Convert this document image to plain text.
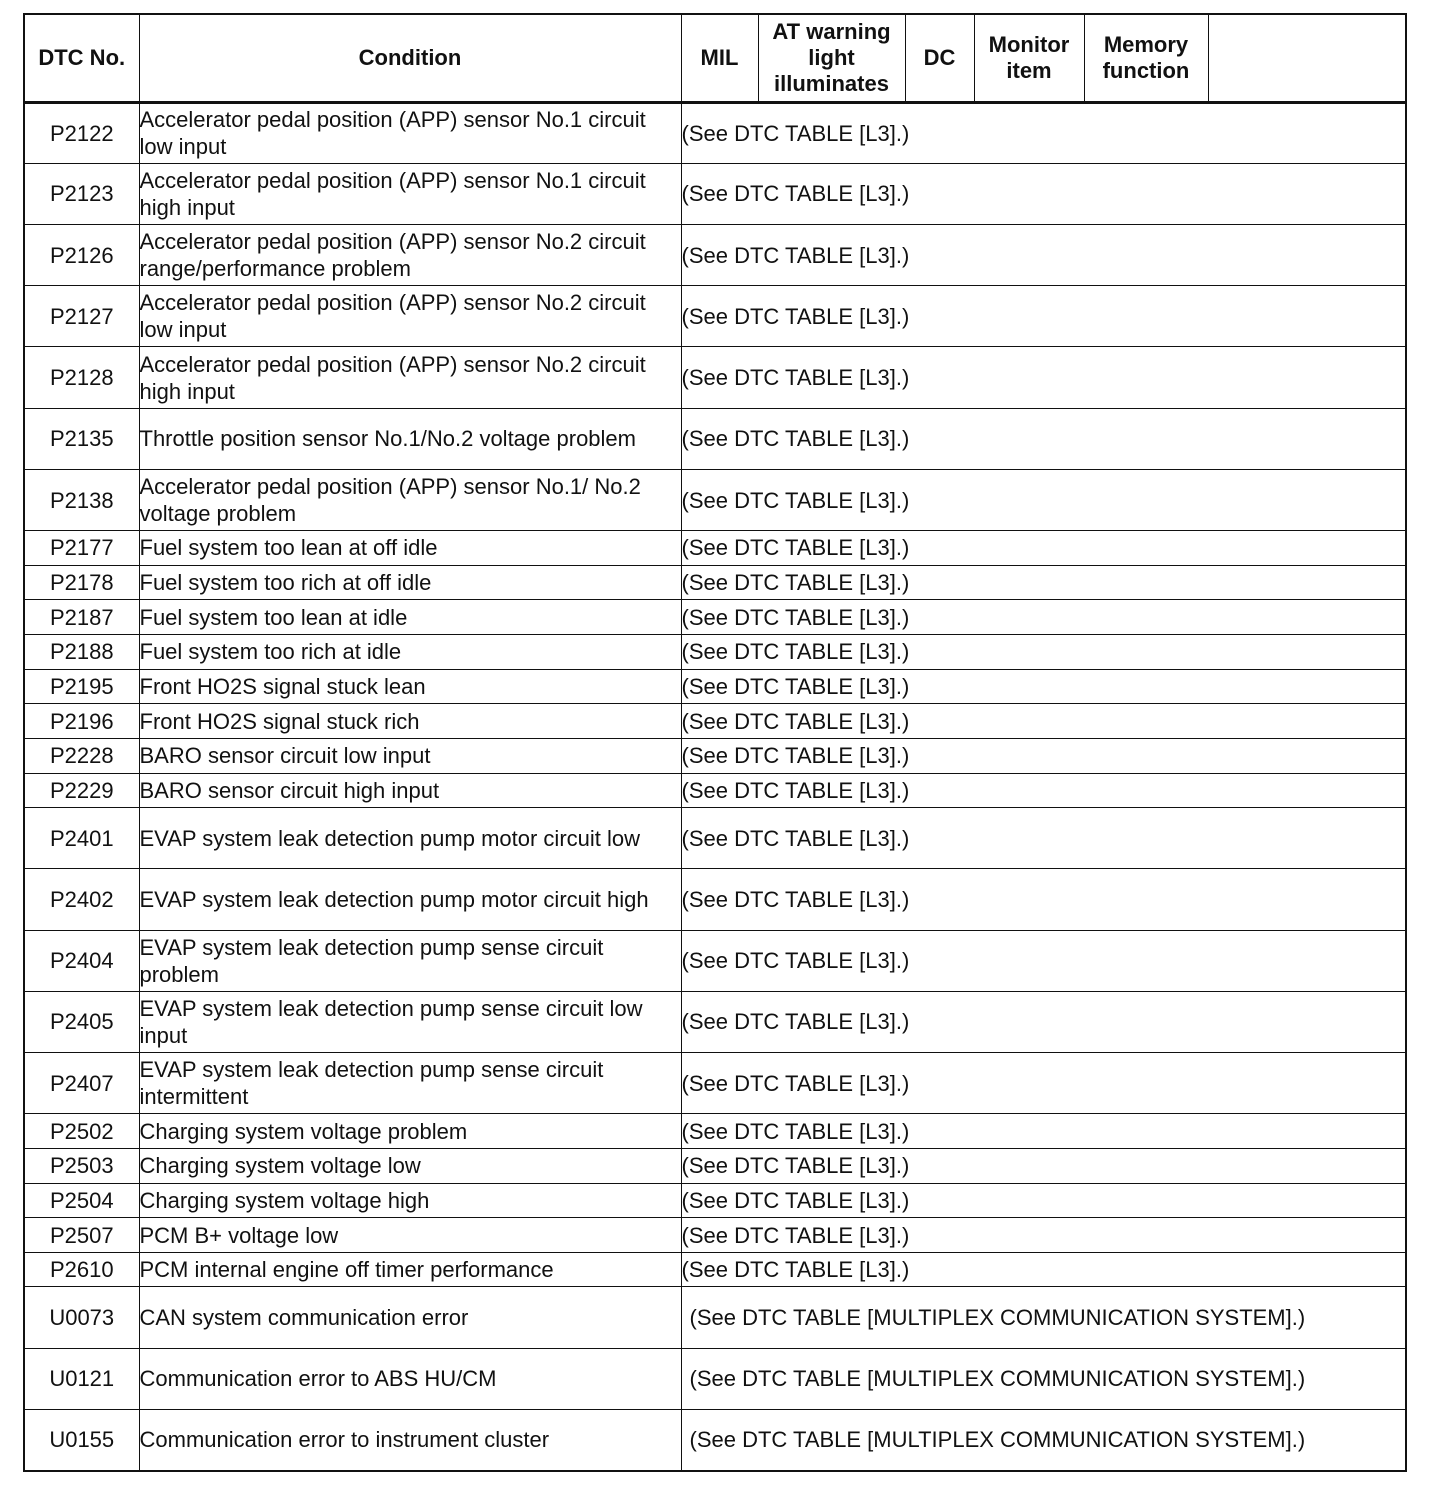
DTC No.	Condition	MIL	AT warning light illuminates	DC	Monitor item	Memory function	
P2122	Accelerator pedal position (APP) sensor No.1 circuit low input	(See DTC TABLE [L3].)					
P2123	Accelerator pedal position (APP) sensor No.1 circuit high input	(See DTC TABLE [L3].)					
P2126	Accelerator pedal position (APP) sensor No.2 circuit range/performance problem	(See DTC TABLE [L3].)					
P2127	Accelerator pedal position (APP) sensor No.2 circuit low input	(See DTC TABLE [L3].)					
P2128	Accelerator pedal position (APP) sensor No.2 circuit high input	(See DTC TABLE [L3].)					
P2135	Throttle position sensor No.1/No.2 voltage problem	(See DTC TABLE [L3].)					
P2138	Accelerator pedal position (APP) sensor No.1/ No.2 voltage problem	(See DTC TABLE [L3].)					
P2177	Fuel system too lean at off idle	(See DTC TABLE [L3].)					
P2178	Fuel system too rich at off idle	(See DTC TABLE [L3].)					
P2187	Fuel system too lean at idle	(See DTC TABLE [L3].)					
P2188	Fuel system too rich at idle	(See DTC TABLE [L3].)					
P2195	Front HO2S signal stuck lean	(See DTC TABLE [L3].)					
P2196	Front HO2S signal stuck rich	(See DTC TABLE [L3].)					
P2228	BARO sensor circuit low input	(See DTC TABLE [L3].)					
P2229	BARO sensor circuit high input	(See DTC TABLE [L3].)					
P2401	EVAP system leak detection pump motor circuit low	(See DTC TABLE [L3].)					
P2402	EVAP system leak detection pump motor circuit high	(See DTC TABLE [L3].)					
P2404	EVAP system leak detection pump sense circuit problem	(See DTC TABLE [L3].)					
P2405	EVAP system leak detection pump sense circuit low input	(See DTC TABLE [L3].)					
P2407	EVAP system leak detection pump sense circuit intermittent	(See DTC TABLE [L3].)					
P2502	Charging system voltage problem	(See DTC TABLE [L3].)					
P2503	Charging system voltage low	(See DTC TABLE [L3].)					
P2504	Charging system voltage high	(See DTC TABLE [L3].)					
P2507	PCM B+ voltage low	(See DTC TABLE [L3].)					
P2610	PCM internal engine off timer performance	(See DTC TABLE [L3].)					
U0073	CAN system communication error	(See DTC TABLE [MULTIPLEX COMMUNICATION SYSTEM].)					
U0121	Communication error to ABS HU/CM	(See DTC TABLE [MULTIPLEX COMMUNICATION SYSTEM].)					
U0155	Communication error to instrument cluster	(See DTC TABLE [MULTIPLEX COMMUNICATION SYSTEM].)					
